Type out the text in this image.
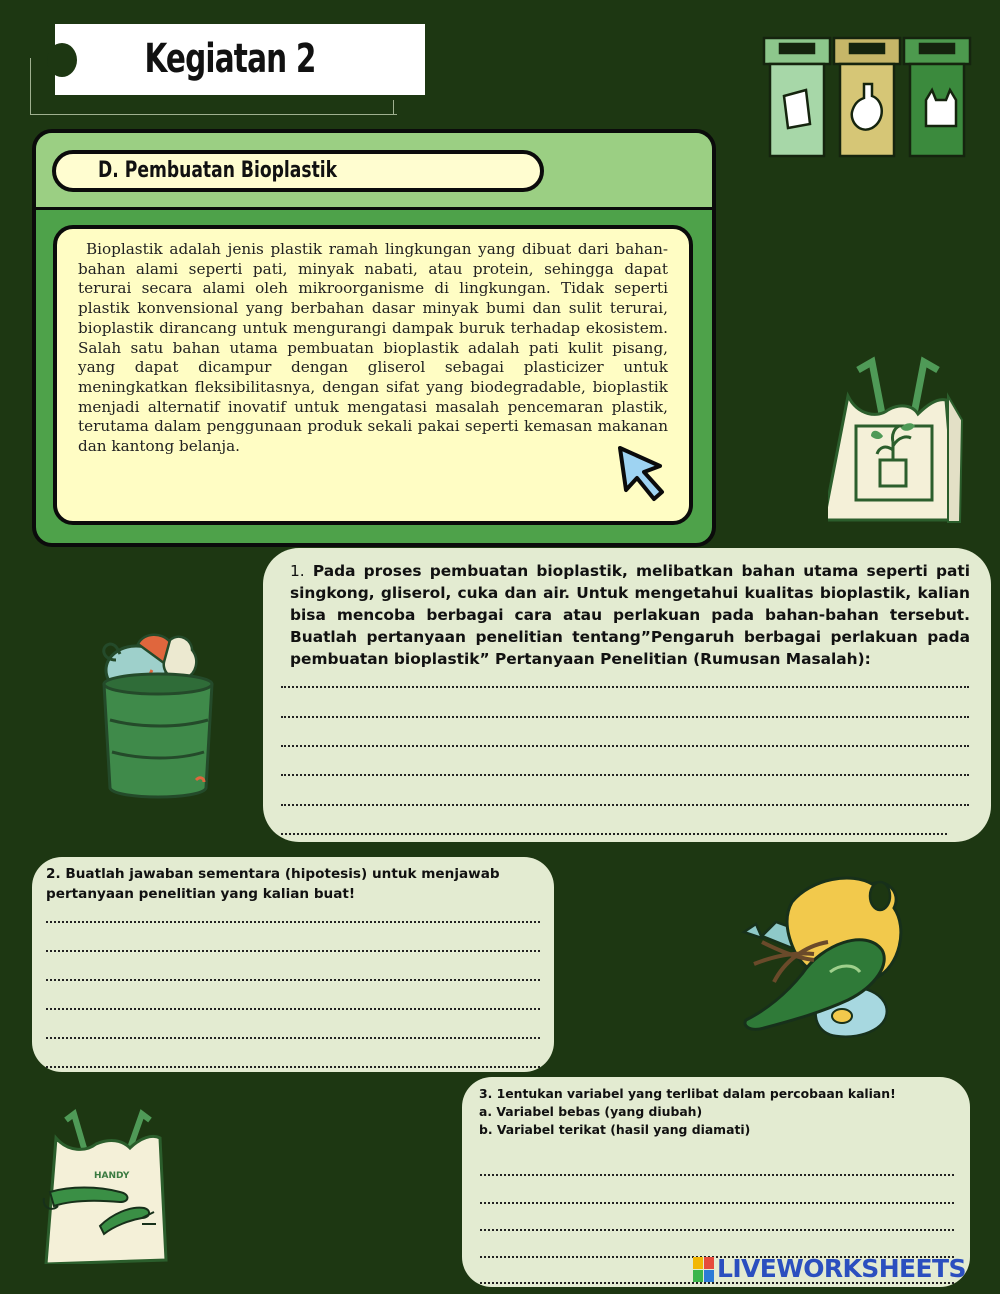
Kegiatan 2
D. Pembuatan Bioplastik
Bioplastik adalah jenis plastik ramah lingkungan yang dibuat dari bahan-bahan alami seperti pati, minyak nabati, atau protein, sehingga dapat terurai secara alami oleh mikroorganisme di lingkungan. Tidak seperti plastik konvensional yang berbahan dasar minyak bumi dan sulit terurai, bioplastik dirancang untuk mengurangi dampak buruk terhadap ekosistem. Salah satu bahan utama pembuatan bioplastik adalah pati kulit pisang, yang dapat dicampur dengan gliserol sebagai plasticizer untuk meningkatkan fleksibilitasnya, dengan sifat yang biodegradable, bioplastik menjadi alternatif inovatif untuk mengatasi masalah pencemaran plastik, terutama dalam penggunaan produk sekali pakai seperti kemasan makanan dan kantong belanja.
1. Pada proses pembuatan bioplastik, melibatkan bahan utama seperti pati singkong, gliserol, cuka dan air. Untuk mengetahui kualitas bioplastik, kalian bisa mencoba berbagai cara atau perlakuan pada bahan-bahan tersebut. Buatlah pertanyaan penelitian tentang”Pengaruh berbagai perlakuan pada pembuatan bioplastik” Pertanyaan Penelitian (Rumusan Masalah):
2. Buatlah jawaban sementara (hipotesis) untuk menjawab pertanyaan penelitian yang kalian buat!
HANDY
3. 1entukan variabel yang terlibat dalam percobaan kalian!
a. Variabel bebas (yang diubah)
b. Variabel terikat (hasil yang diamati)
LIVEWORKSHEETS
